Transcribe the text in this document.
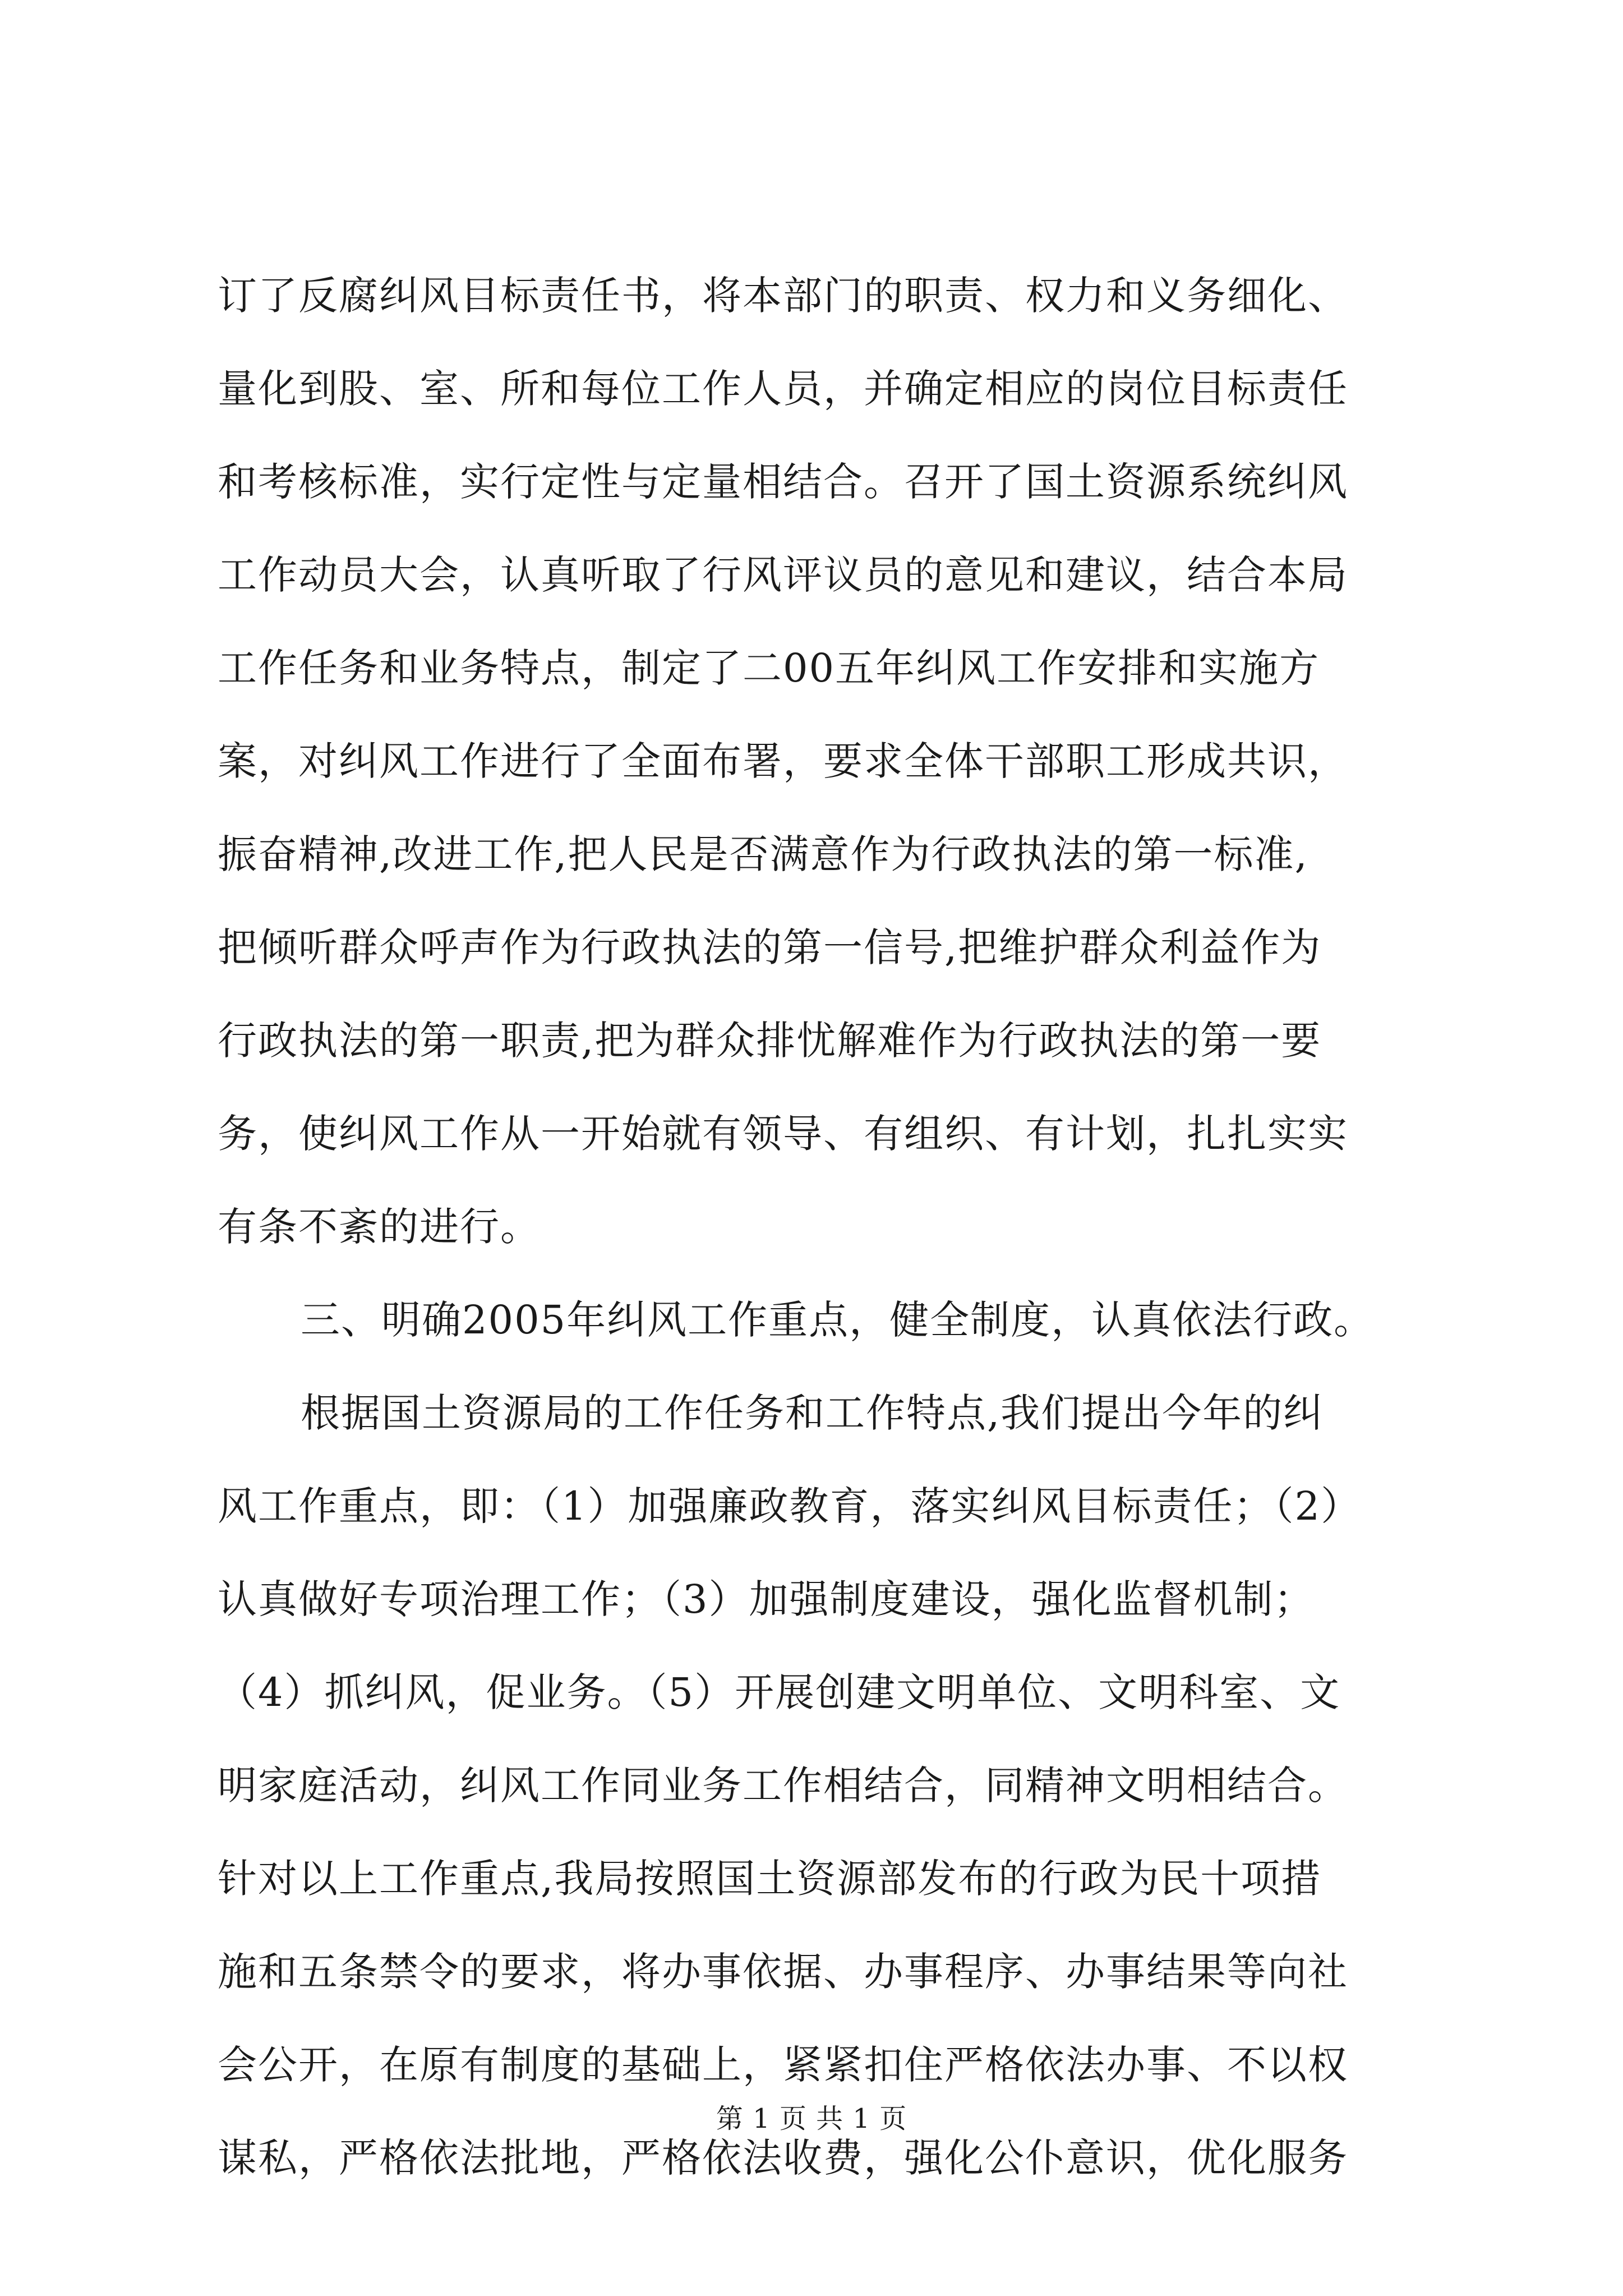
订了反腐纠风目标责任书，将本部门的职责、权力和义务细化、
量化到股、室、所和每位工作人员，并确定相应的岗位目标责任
和考核标准，实行定性与定量相结合。召开了国土资源系统纠风
工作动员大会，认真听取了行风评议员的意见和建议，结合本局
工作任务和业务特点，制定了二00五年纠风工作安排和实施方
案，对纠风工作进行了全面布署，要求全体干部职工形成共识，
振奋精神,改进工作,把人民是否满意作为行政执法的第一标准,
把倾听群众呼声作为行政执法的第一信号,把维护群众利益作为
行政执法的第一职责,把为群众排忧解难作为行政执法的第一要
务，使纠风工作从一开始就有领导、有组织、有计划，扎扎实实
有条不紊的进行。
三、明确2005年纠风工作重点，健全制度，认真依法行政。
根据国土资源局的工作任务和工作特点,我们提出今年的纠
风工作重点，即：（1）加强廉政教育，落实纠风目标责任；（2）
认真做好专项治理工作；（3）加强制度建设，强化监督机制；
（4）抓纠风，促业务。（5）开展创建文明单位、文明科室、文
明家庭活动，纠风工作同业务工作相结合，同精神文明相结合。
针对以上工作重点,我局按照国土资源部发布的行政为民十项措
施和五条禁令的要求，将办事依据、办事程序、办事结果等向社
会公开，在原有制度的基础上，紧紧扣住严格依法办事、不以权
谋私，严格依法批地，严格依法收费，强化公仆意识，优化服务
第 1 页 共 1 页
